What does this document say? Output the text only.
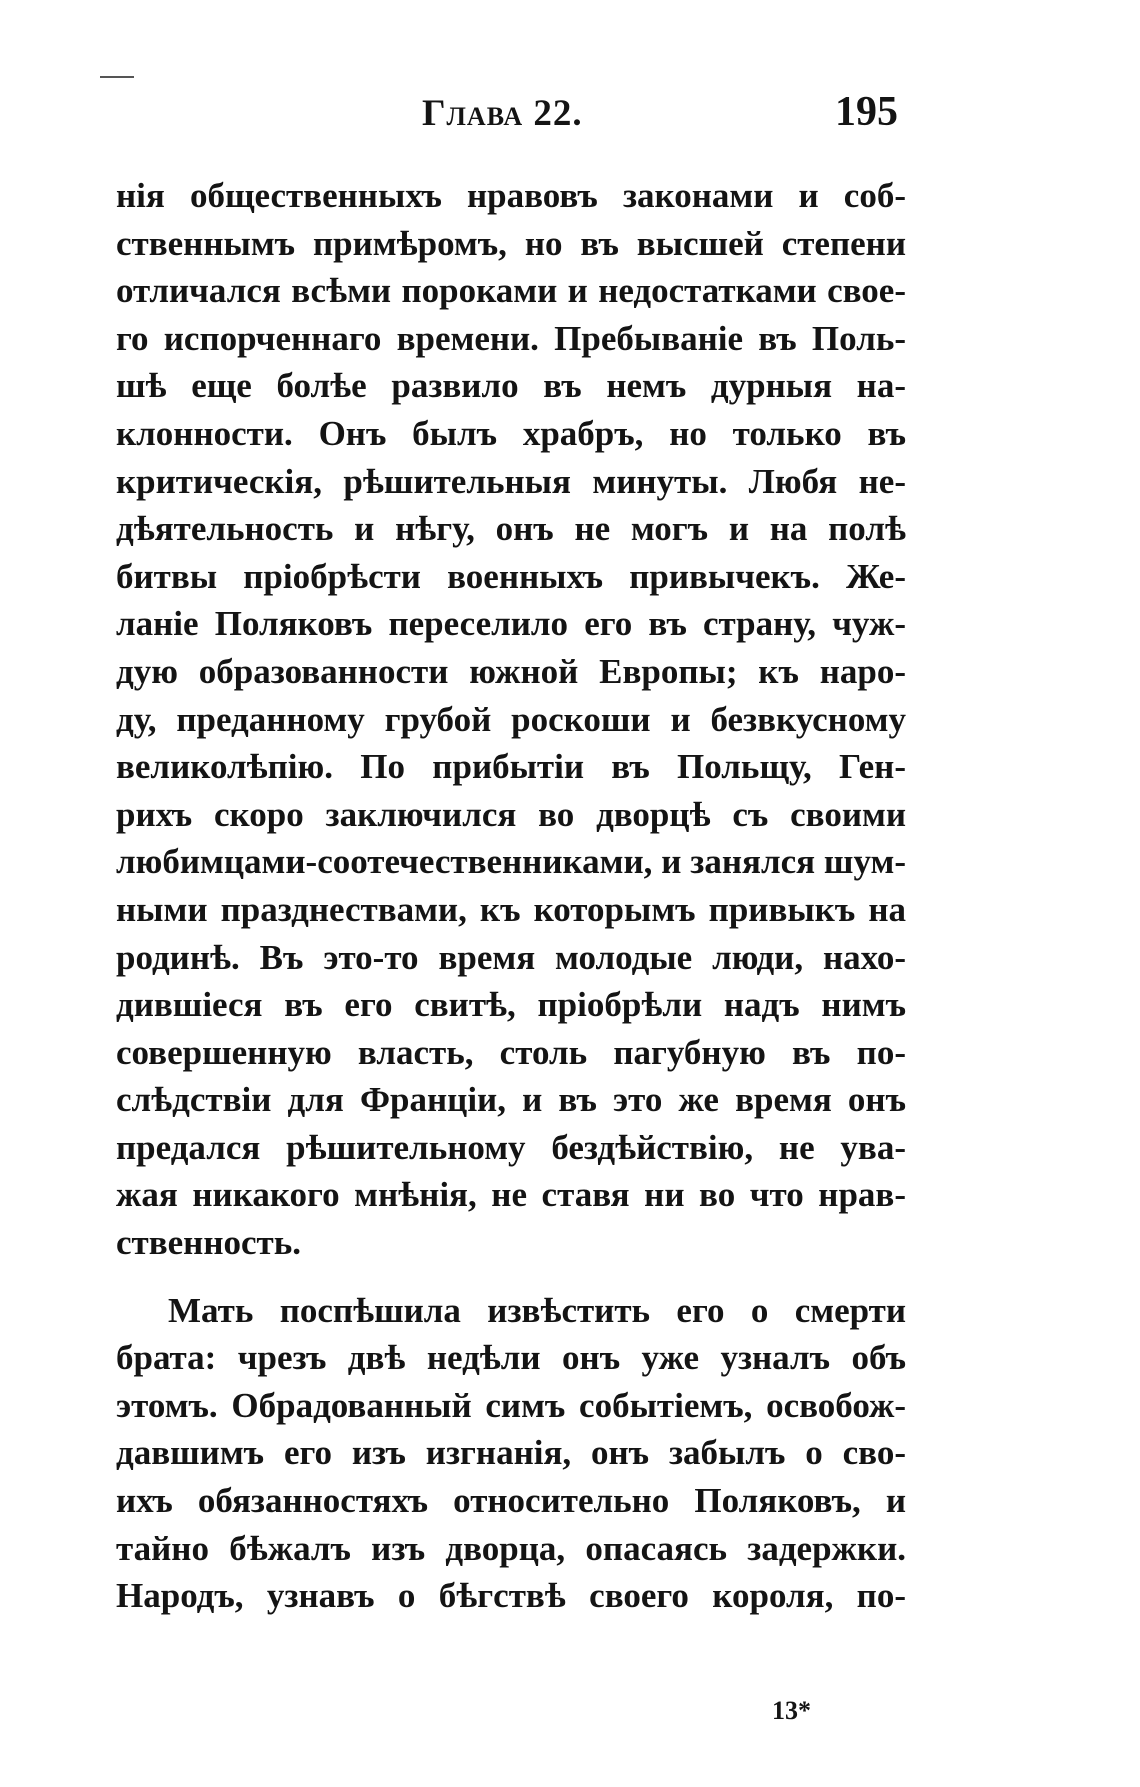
Глава 22.	195
нія общественныхъ нравовъ законами и соб-
ственнымъ примѣромъ, но въ высшей степени
отличался всѣми пороками и недостатками свое-
го испорченнаго времени. Пребываніе въ Поль-
шѣ еще болѣе развило въ немъ дурныя на-
клонности. Онъ былъ храбръ, но только въ
критическія, рѣшительныя минуты. Любя не-
дѣятельность и нѣгу, онъ не могъ и на полѣ
битвы пріобрѣсти военныхъ привычекъ. Же-
ланіе Поляковъ переселило его въ страну, чуж-
дую образованности южной Европы; къ наро-
ду, преданному грубой роскоши и безвкусному
великолѣпію. По прибытіи въ Польщу, Ген-
рихъ скоро заключился во дворцѣ съ своими
любимцами-соотечественниками, и занялся шум-
ными празднествами, къ которымъ привыкъ на
родинѣ. Въ это-то время молодые люди, нахо-
дившіеся въ его свитѣ, пріобрѣли надъ нимъ
совершенную власть, столь пагубную въ по-
слѣдствіи для Франціи, и въ это же время онъ
предался рѣшительному бездѣйствію, не ува-
жая никакого мнѣнія, не ставя ни во что нрав-
ственность.
Мать поспѣшила извѣстить его о смерти
брата: чрезъ двѣ недѣли онъ уже узналъ объ
этомъ. Обрадованный симъ событіемъ, освобож-
давшимъ его изъ изгнанія, онъ забылъ о сво-
ихъ обязанностяхъ относительно Поляковъ, и
тайно бѣжалъ изъ дворца, опасаясь задержки.
Народъ, узнавъ о бѣгствѣ своего короля, по-
13*
